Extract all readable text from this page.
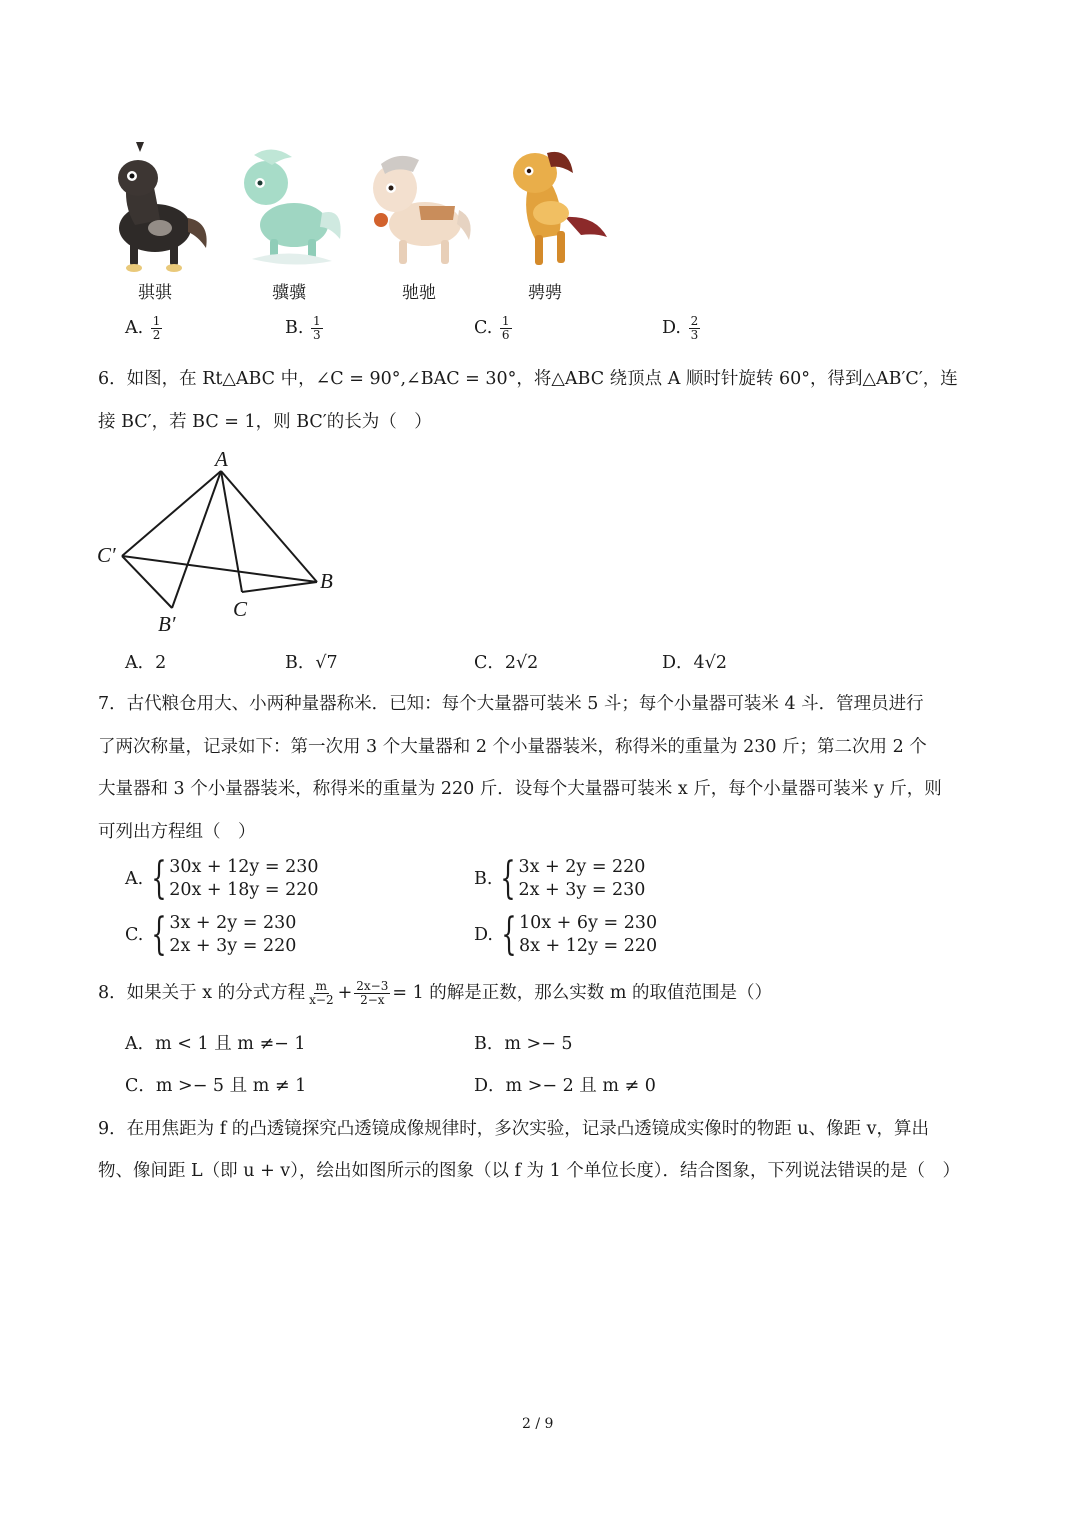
骐骐	骥骥	驰驰	骋骋
A. $\frac{1}{2}$	B. $\frac{1}{3}$	C. $\frac{1}{6}$	D. $\frac{2}{3}$
6．如图，在 Rt△ABC 中，∠C = 90°,∠BAC = 30°，将△ABC 绕顶点 A 顺时针旋转 60°，得到△AB′C′，连
接 BC′，若 BC = 1，则 BC′的长为（　）
A
C′
B
C
B′
A．2	B．√7	C．2√2	D．4√2
7．古代粮仓用大、小两种量器称米．已知：每个大量器可装米 5 斗；每个小量器可装米 4 斗．管理员进行
了两次称量，记录如下：第一次用 3 个大量器和 2 个小量器装米，称得米的重量为 230 斤；第二次用 2 个
大量器和 3 个小量器装米，称得米的重量为 220 斤．设每个大量器可装米 x 斤，每个小量器可装米 y 斤，则
可列出方程组（　）
A. { 30x + 12y = 230
20x + 18y = 220
B. { 3x + 2y = 220
2x + 3y = 230
C. { 3x + 2y = 230
2x + 3y = 220
D. { 10x + 6y = 230
8x + 12y = 220
8．如果关于 x 的分式方程 $\frac{m}{x-2} + \frac{2x-3}{2-x} = 1$ 的解是正数，那么实数 m 的取值范围是（）
A．m < 1 且 m ≠− 1	B．m >− 5
C．m >− 5 且 m ≠ 1	D．m >− 2 且 m ≠ 0
9．在用焦距为 f 的凸透镜探究凸透镜成像规律时，多次实验，记录凸透镜成实像时的物距 u、像距 v，算出
物、像间距 L（即 u + v），绘出如图所示的图象（以 f 为 1 个单位长度）．结合图象，下列说法错误的是（　）
2 / 9
